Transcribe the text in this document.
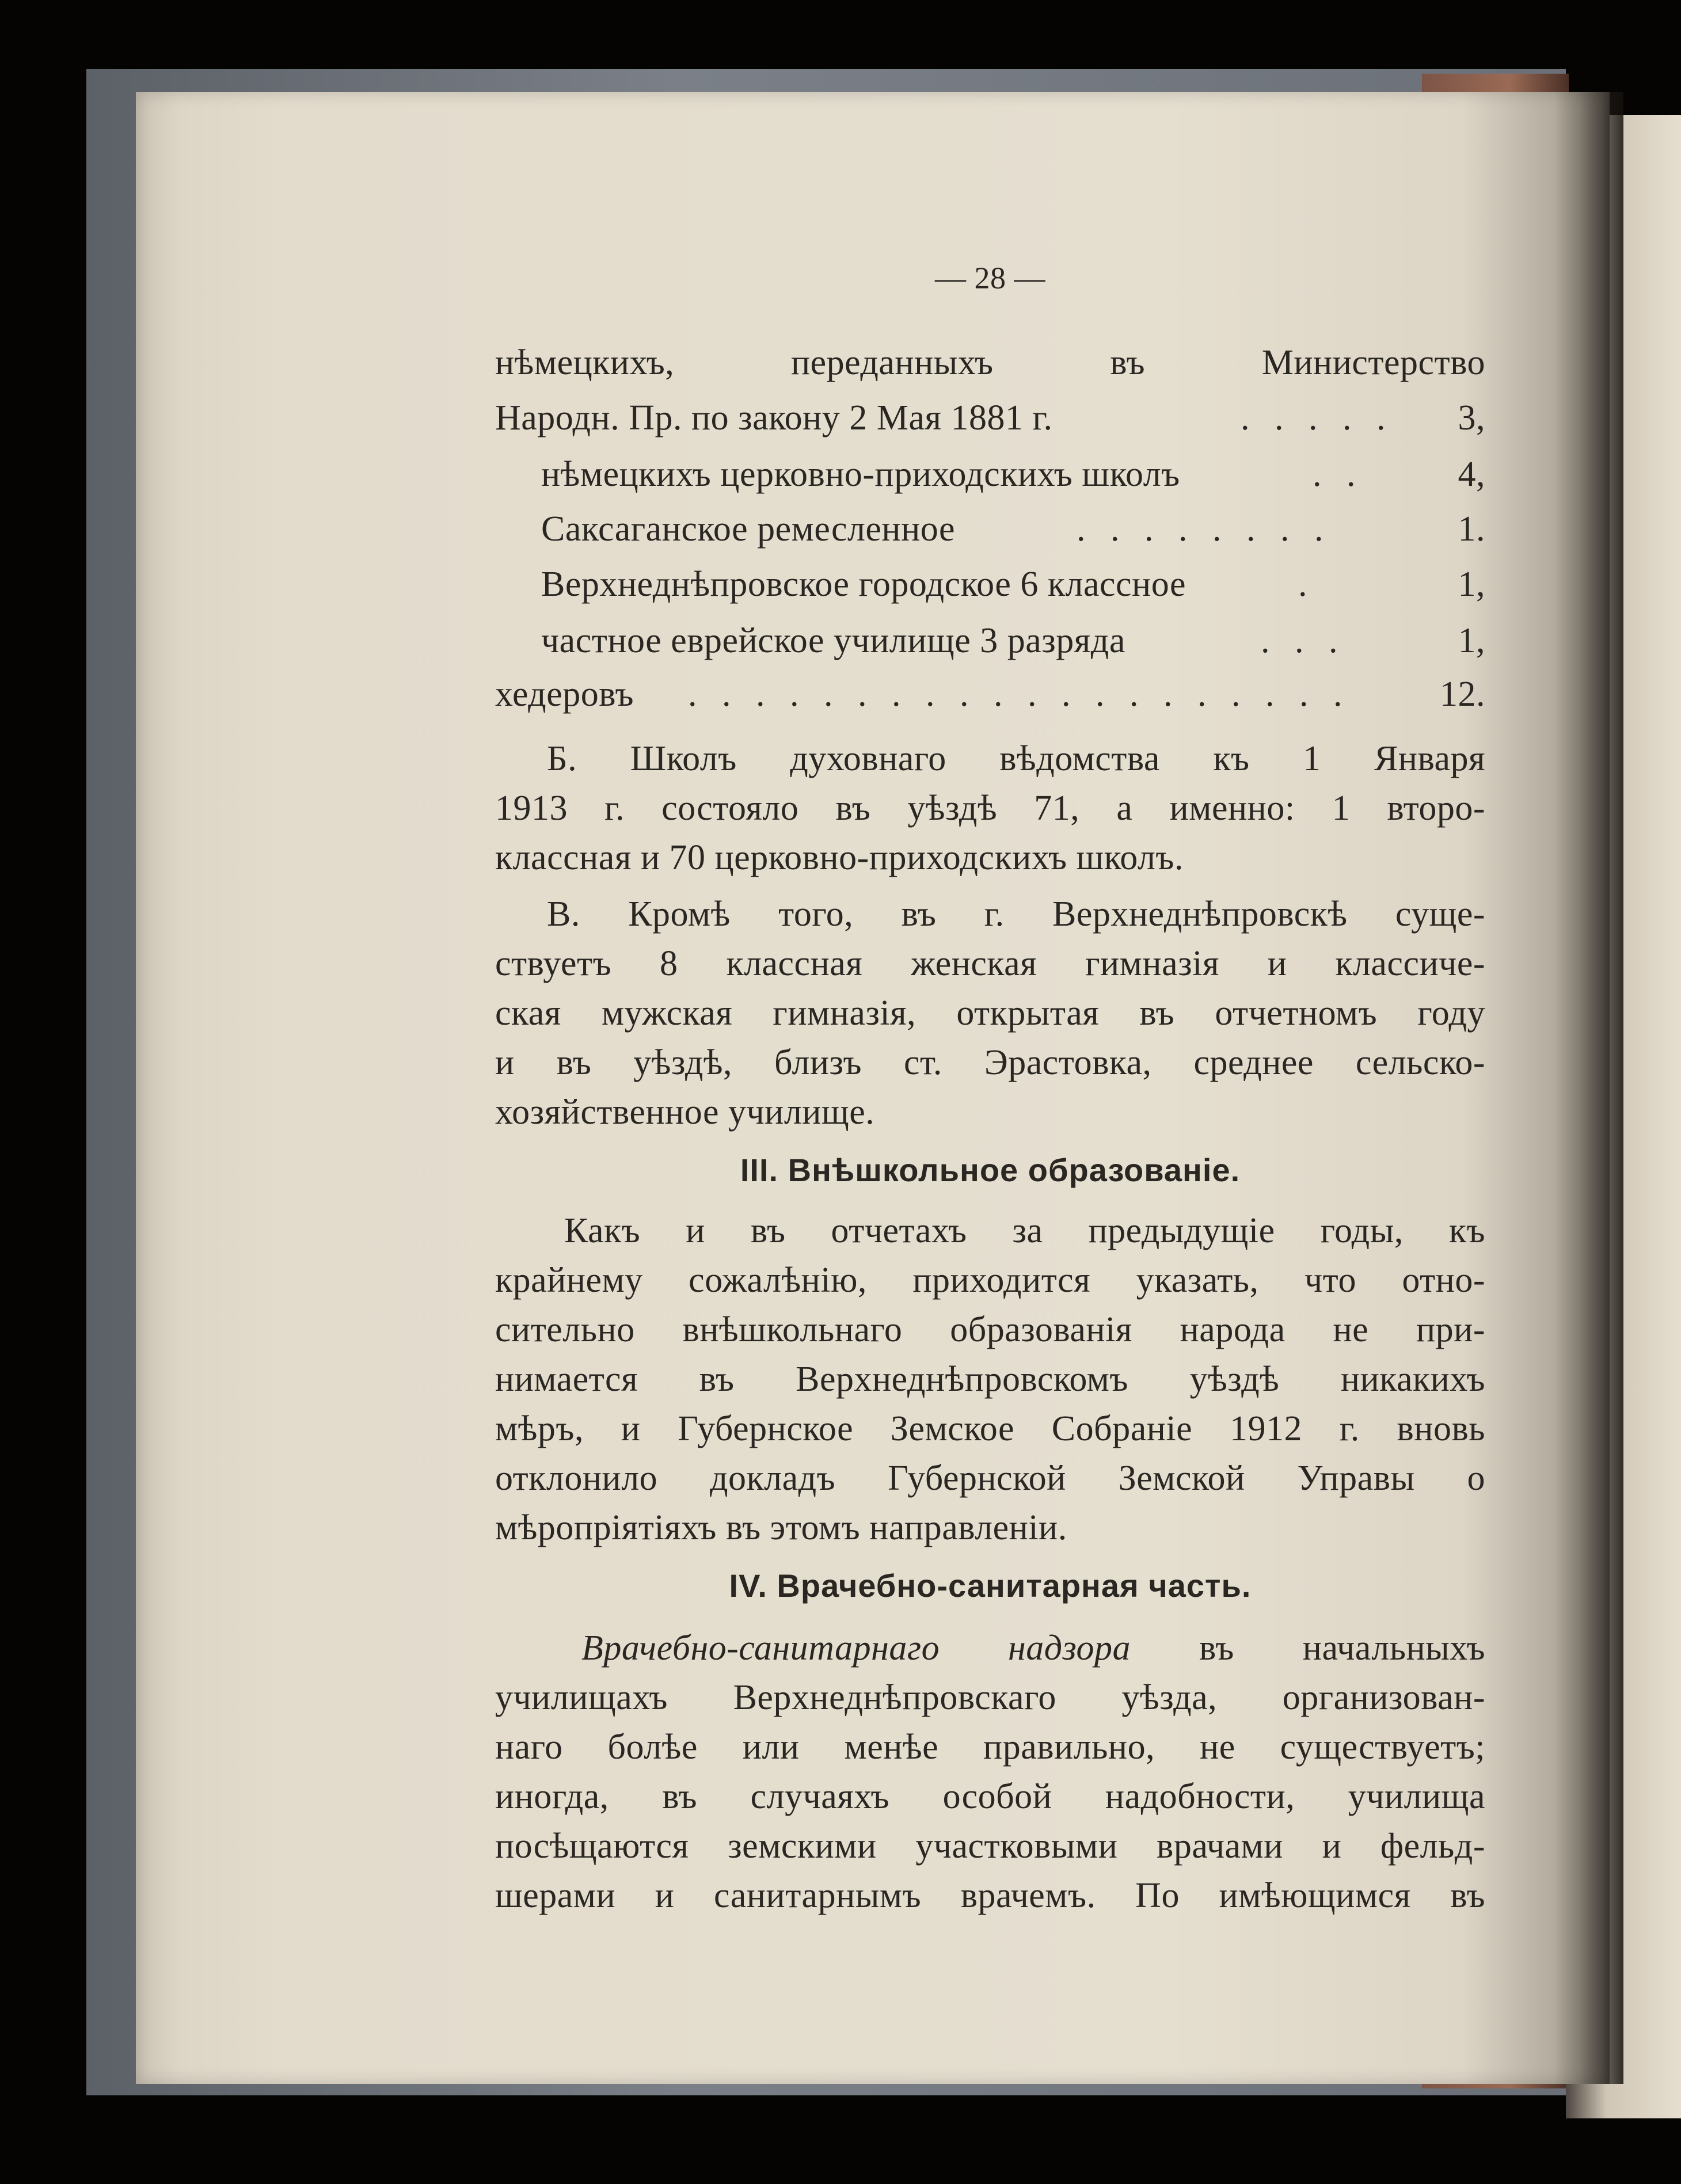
— 28 —
нѣмецкихъ, переданныхъ въ Министерство
Народн. Пр. по закону 2 Мая 1881 г.	. . . . . 3,
нѣмецкихъ церковно-приходскихъ школъ	. .	4,
Саксаганское ремесленное	. . . . . . . .	1.
Верхнеднѣпровское городское 6 классное	.	1,
частное еврейское училище 3 разряда	. . .	1,
хедеровъ . . . . . . . . . . . . . . . . . . . .	12.
Б. Школъ духовнаго вѣдомства къ 1 Января
1913 г. состояло въ уѣздѣ 71, а именно: 1 второ-
классная и 70 церковно-приходскихъ школъ.
В. Кромѣ того, въ г. Верхнеднѣпровскѣ суще-
ствуетъ 8 классная женская гимназія и классиче-
ская мужская гимназія, открытая въ отчетномъ году
и въ уѣздѣ, близъ ст. Эрастовка, среднее сельско-
хозяйственное училище.
III. Внѣшкольное образованіе.
Какъ и въ отчетахъ за предыдущіе годы, къ
крайнему сожалѣнію, приходится указать, что отно-
сительно внѣшкольнаго образованія народа не при-
нимается въ Верхнеднѣпровскомъ уѣздѣ никакихъ
мѣръ, и Губернское Земское Собраніе 1912 г. вновь
отклонило докладъ Губернской Земской Управы о
мѣропріятіяхъ въ этомъ направленіи.
IV. Врачебно-санитарная часть.
Врачебно-санитарнаго надзора въ начальныхъ
училищахъ Верхнеднѣпровскаго уѣзда, организован-
наго болѣе или менѣе правильно, не существуетъ;
иногда, въ случаяхъ особой надобности, училища
посѣщаются земскими участковыми врачами и фельд-
шерами и санитарнымъ врачемъ. По имѣющимся въ
